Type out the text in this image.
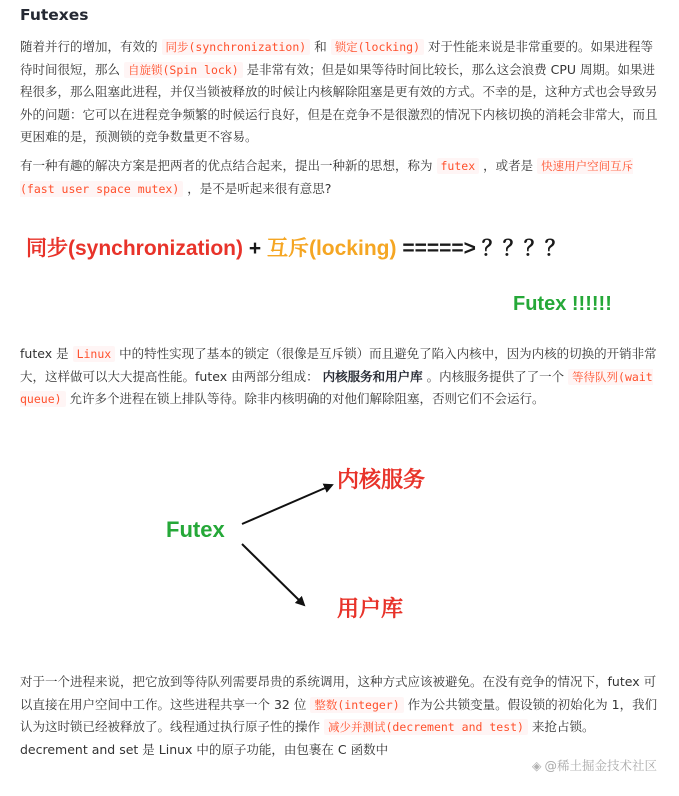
Futexes

随着并行的增加，有效的 同步(synchronization) 和 锁定(locking) 对于性能来说是非常重要的。如果进程等待时间很短，那么 自旋锁(Spin lock) 是非常有效；但是如果等待时间比较长，那么这会浪费 CPU 周期。如果进程很多，那么阻塞此进程，并仅当锁被释放的时候让内核解除阻塞是更有效的方式。不幸的是，这种方式也会导致另外的问题：它可以在进程竞争频繁的时候运行良好，但是在竞争不是很激烈的情况下内核切换的消耗会非常大，而且更困难的是，预测锁的竞争数量更不容易。

有一种有趣的解决方案是把两者的优点结合起来，提出一种新的思想，称为 futex ，或者是 快速用户空间互斥(fast user space mutex) ，是不是听起来很有意思?

同步(synchronization) + 互斥(locking) =====> ？？？？
Futex !!!!!!

futex 是 Linux 中的特性实现了基本的锁定（很像是互斥锁）而且避免了陷入内核中，因为内核的切换的开销非常大，这样做可以大大提高性能。futex 由两部分组成： 内核服务和用户库 。内核服务提供了了一个 等待队列(wait queue) 允许多个进程在锁上排队等待。除非内核明确的对他们解除阻塞，否则它们不会运行。

Futex
内核服务
用户库

对于一个进程来说，把它放到等待队列需要昂贵的系统调用，这种方式应该被避免。在没有竞争的情况下，futex 可以直接在用户空间中工作。这些进程共享一个 32 位 整数(integer) 作为公共锁变量。假设锁的初始化为 1，我们认为这时锁已经被释放了。线程通过执行原子性的操作 减少并测试(decrement and test) 来抢占锁。decrement and set 是 Linux 中的原子功能，由包裹在 C 函数中

◈ @稀土掘金技术社区
